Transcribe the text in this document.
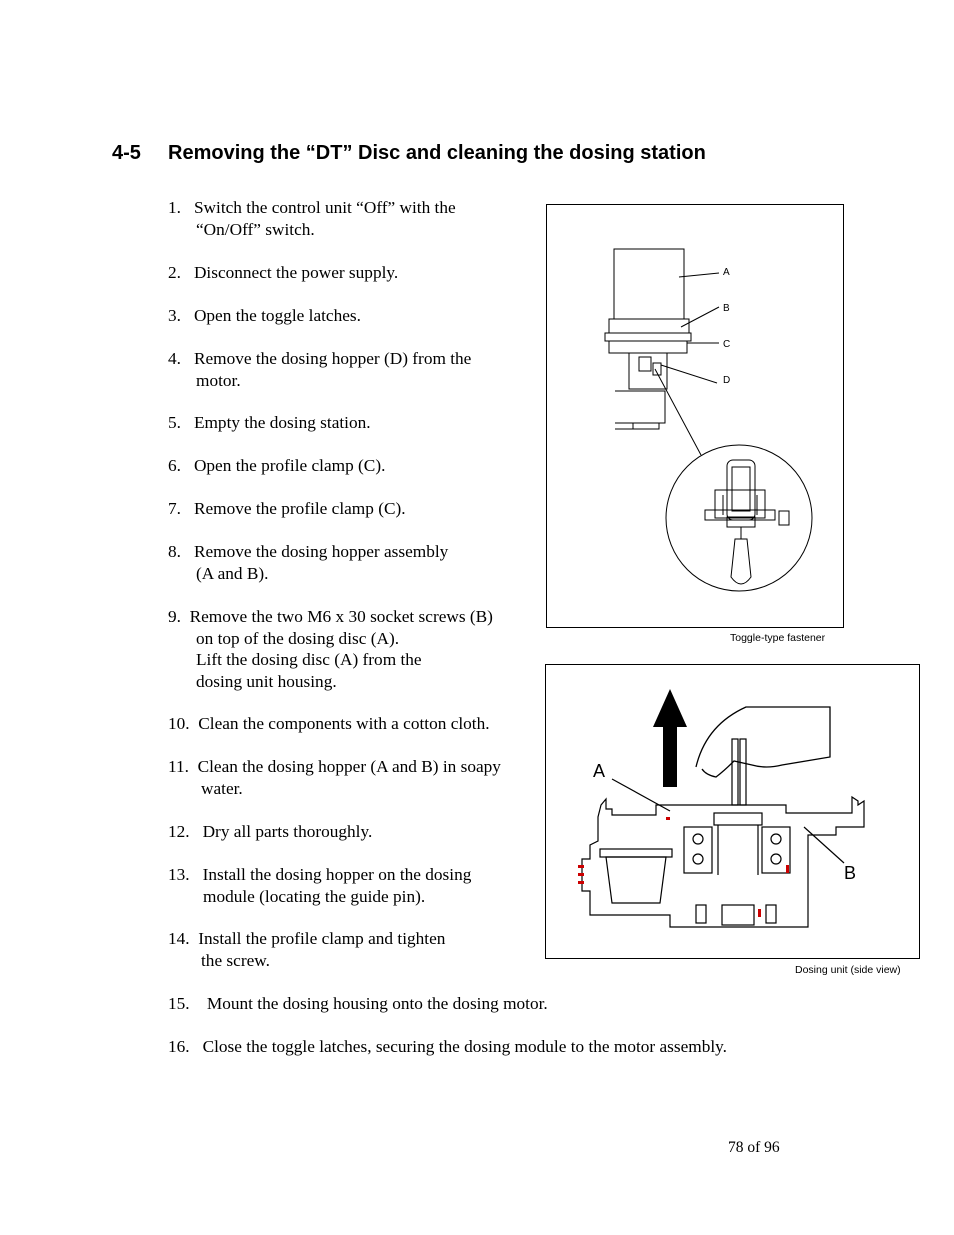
4-5 Removing the “DT” Disc and cleaning the dosing station
1. Switch the control unit “Off” with the
“On/Off” switch.
2. Disconnect the power supply.
3. Open the toggle latches.
4. Remove the dosing hopper (D) from the
motor.
5. Empty the dosing station.
6. Open the profile clamp (C).
7. Remove the profile clamp (C).
8. Remove the dosing hopper assembly
(A and B).
9. Remove the two M6 x 30 socket screws (B)
on top of the dosing disc (A).
Lift the dosing disc (A) from the
dosing unit housing.
10. Clean the components with a cotton cloth.
11. Clean the dosing hopper (A and B) in soapy
water.
12. Dry all parts thoroughly.
13. Install the dosing hopper on the dosing
module (locating the guide pin).
14. Install the profile clamp and tighten
the screw.
15. Mount the dosing housing onto the dosing motor.
16. Close the toggle latches, securing the dosing module to the motor assembly.
A
B
C
D
Toggle-type fastener
A
B
Dosing unit (side view)
78 of 96
